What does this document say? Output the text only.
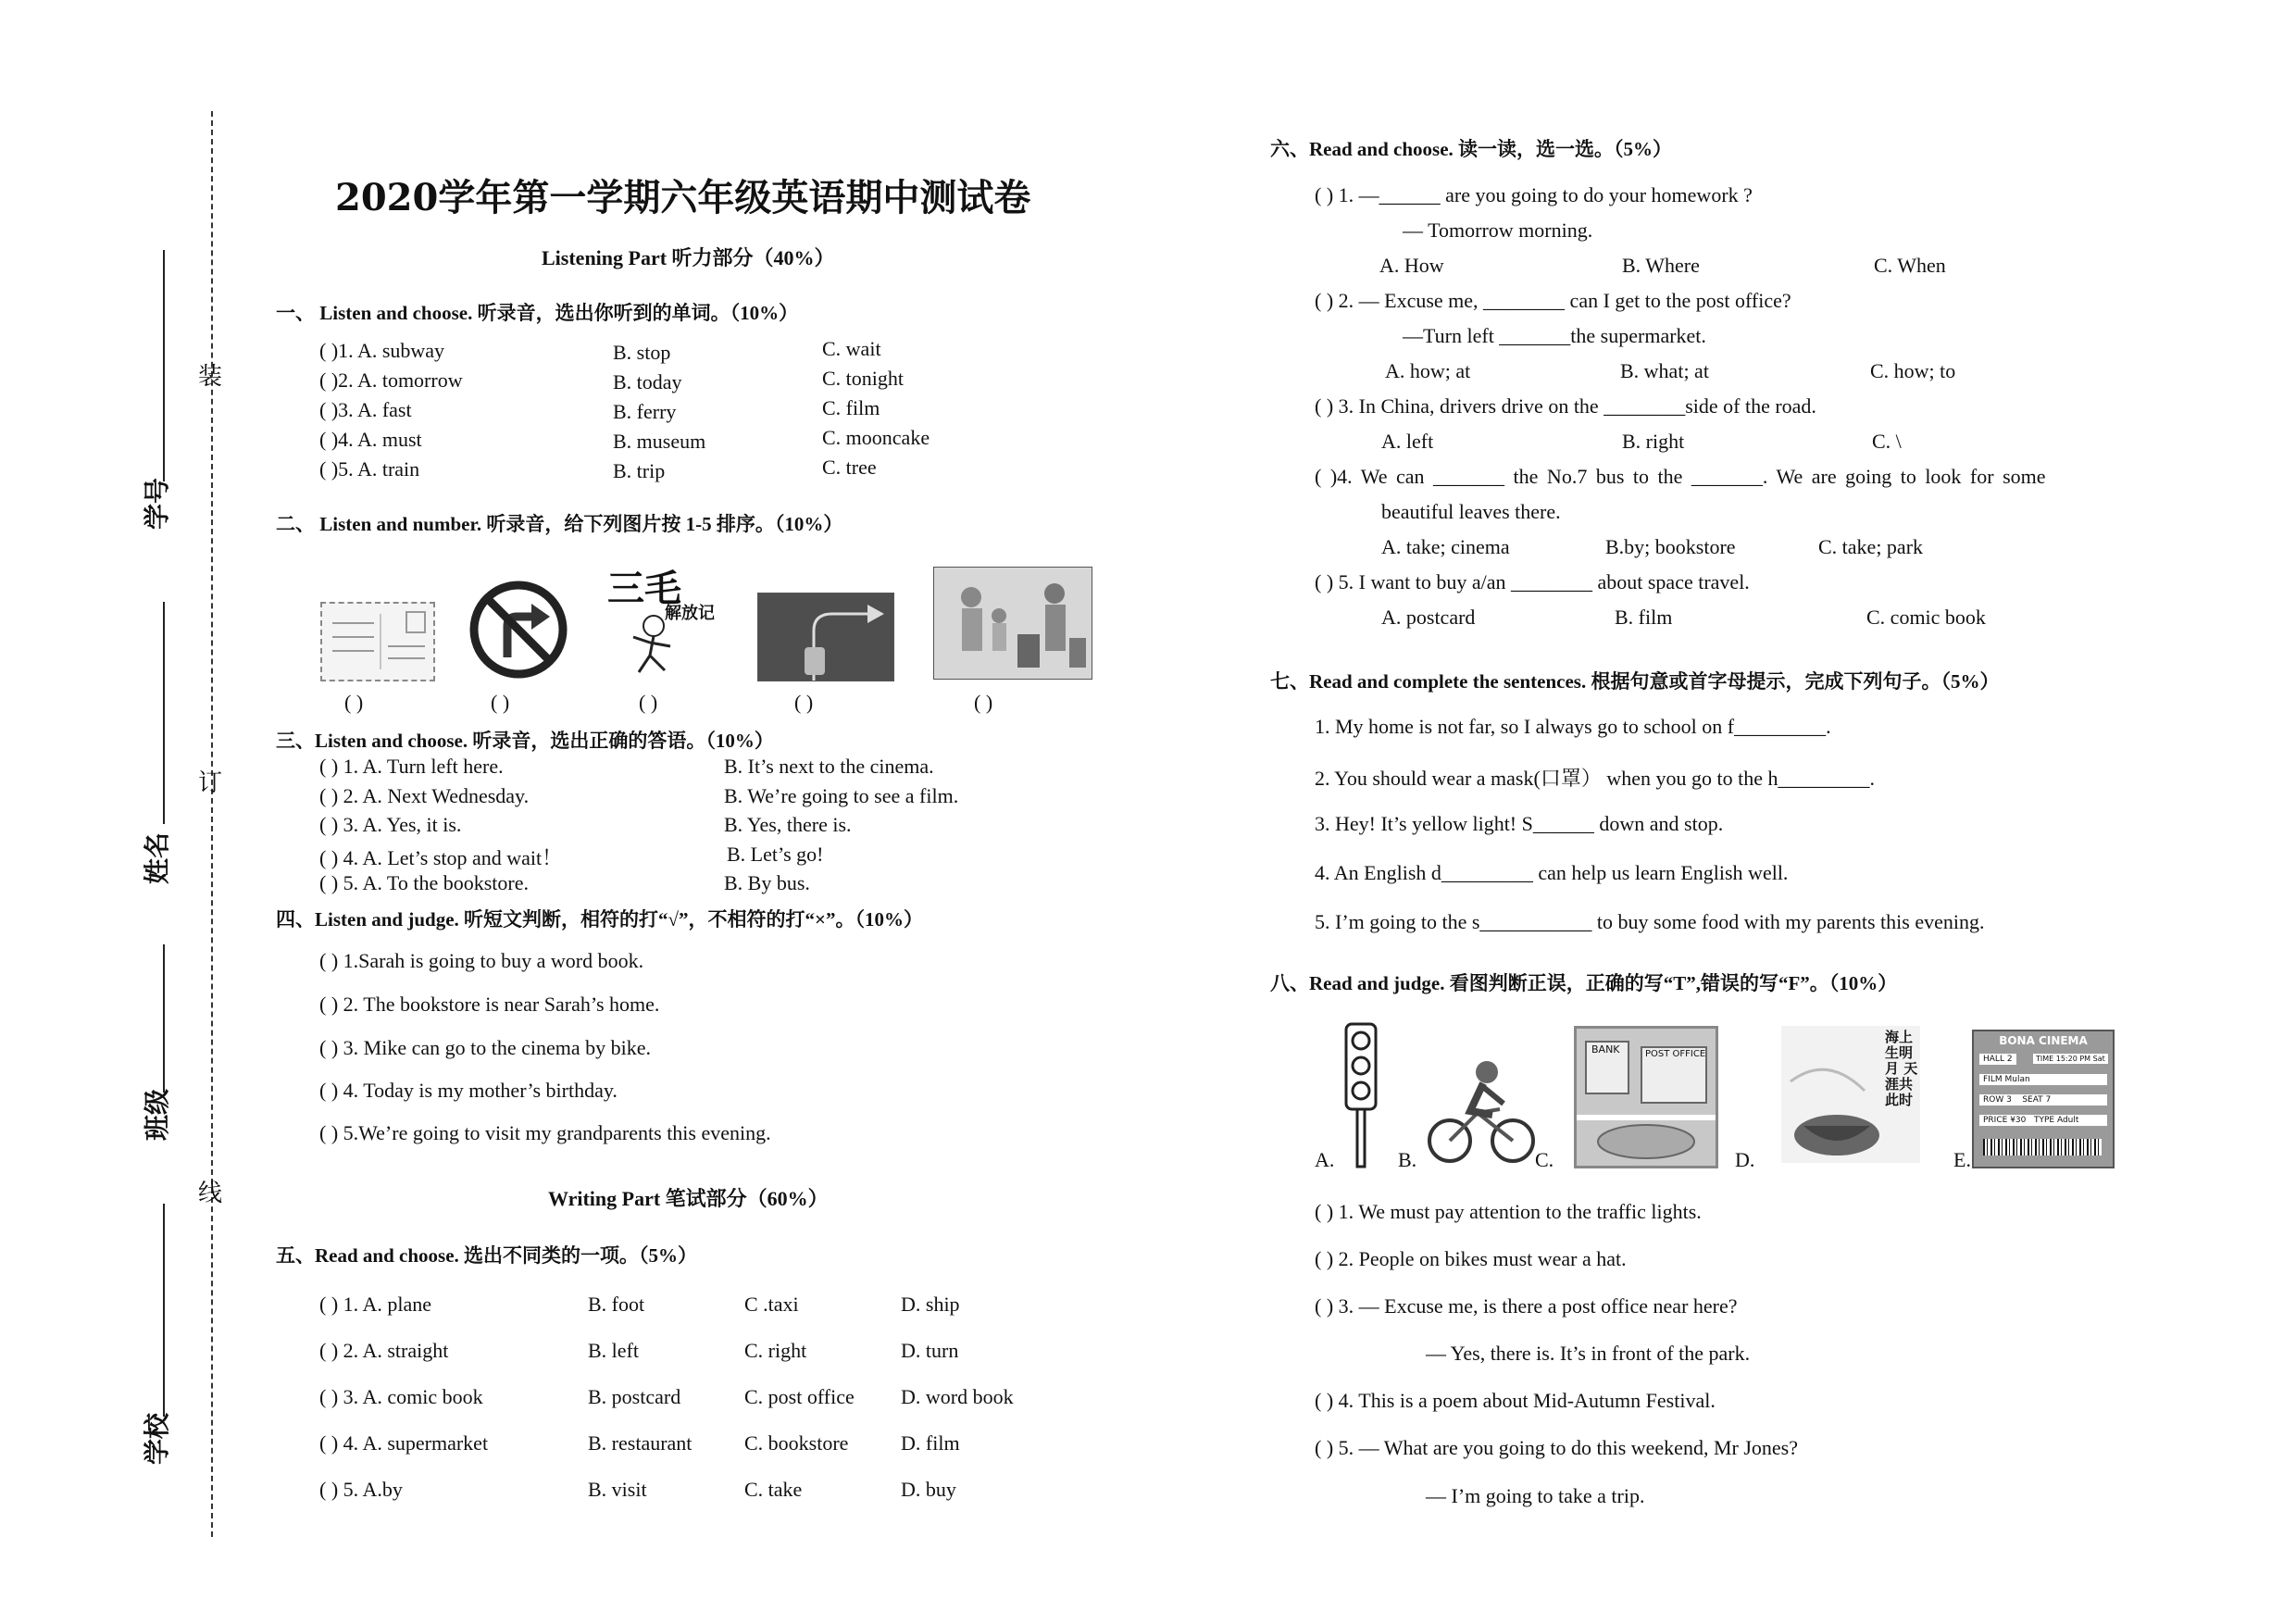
装
订
线
学号
姓名
班级
学校
2020学年第一学期六年级英语期中测试卷
Listening Part 听力部分（40%）
一、 Listen and choose. 听录音，选出你听到的单词。（10%）
( )1. A. subway	B. stop	C. wait
( )2. A. tomorrow	B. today	C. tonight
( )3. A. fast	B. ferry	C. film
( )4. A. must	B. museum	C. mooncake
( )5. A. train	B. trip	C. tree
二、 Listen and number. 听录音，给下列图片按 1-5 排序。（10%）
三毛
解放记
( )	( )	( )	( )	( )
三、Listen and choose. 听录音，选出正确的答语。（10%）
( ) 1. A. Turn left here.	B. It’s next to the cinema.
( ) 2. A. Next Wednesday.	B. We’re going to see a film.
( ) 3. A. Yes, it is.	B. Yes, there is.
( ) 4. A. Let’s stop and wait！	B. Let’s go!
( ) 5. A. To the bookstore.	B. By bus.
四、Listen and judge. 听短文判断，相符的打“√”，不相符的打“×”。（10%）
( ) 1.Sarah is going to buy a word book.
( ) 2. The bookstore is near Sarah’s home.
( ) 3. Mike can go to the cinema by bike.
( ) 4. Today is my mother’s birthday.
( ) 5.We’re going to visit my grandparents this evening.
Writing Part 笔试部分（60%）
五、Read and choose. 选出不同类的一项。（5%）
( ) 1. A. plane	B. foot	C .taxi	D. ship
( ) 2. A. straight	B. left	C. right	D. turn
( ) 3. A. comic book	B. postcard	C. post office D. word book
( ) 4. A. supermarket	B. restaurant	C. bookstore	D. film
( ) 5. A.by	B. visit	C. take	D. buy
六、Read and choose. 读一读，选一选。（5%）
( ) 1. —______ are you going to do your homework ?
— Tomorrow morning.
A. How	B. Where	C. When
( ) 2. — Excuse me, ________ can I get to the post office?
—Turn left _______the supermarket.
A. how; at	B. what; at	C. how; to
( ) 3. In China, drivers drive on the ________side of the road.
A. left	B. right	C. \
( )4. We can _______ the No.7 bus to the _______. We are going to look for some
beautiful leaves there.
A. take; cinema	B.by; bookstore	C. take; park
( ) 5. I want to buy a/an ________ about space travel.
A. postcard	B. film	C. comic book
七、Read and complete the sentences. 根据句意或首字母提示，完成下列句子。（5%）
1. My home is not far, so I always go to school on f_________.
2. You should wear a mask(口罩） when you go to the h_________.
3. Hey! It’s yellow light! S______ down and stop.
4. An English d_________ can help us learn English well.
5. I’m going to the s___________ to buy some food with my parents this evening.
八、Read and judge. 看图判断正误，正确的写“T”,错误的写“F”。（10%）
A.	B.	C.
BANK	POST OFFICE
D.
海上生明月 天涯共此时
E.
BONA CINEMA
HALL 2	TIME 15:20 PM Sat
FILM Mulan
ROW 3 SEAT 7
PRICE ¥30 TYPE Adult
( ) 1. We must pay attention to the traffic lights.
( ) 2. People on bikes must wear a hat.
( ) 3. — Excuse me, is there a post office near here?
— Yes, there is. It’s in front of the park.
( ) 4. This is a poem about Mid-Autumn Festival.
( ) 5. — What are you going to do this weekend, Mr Jones?
— I’m going to take a trip.
